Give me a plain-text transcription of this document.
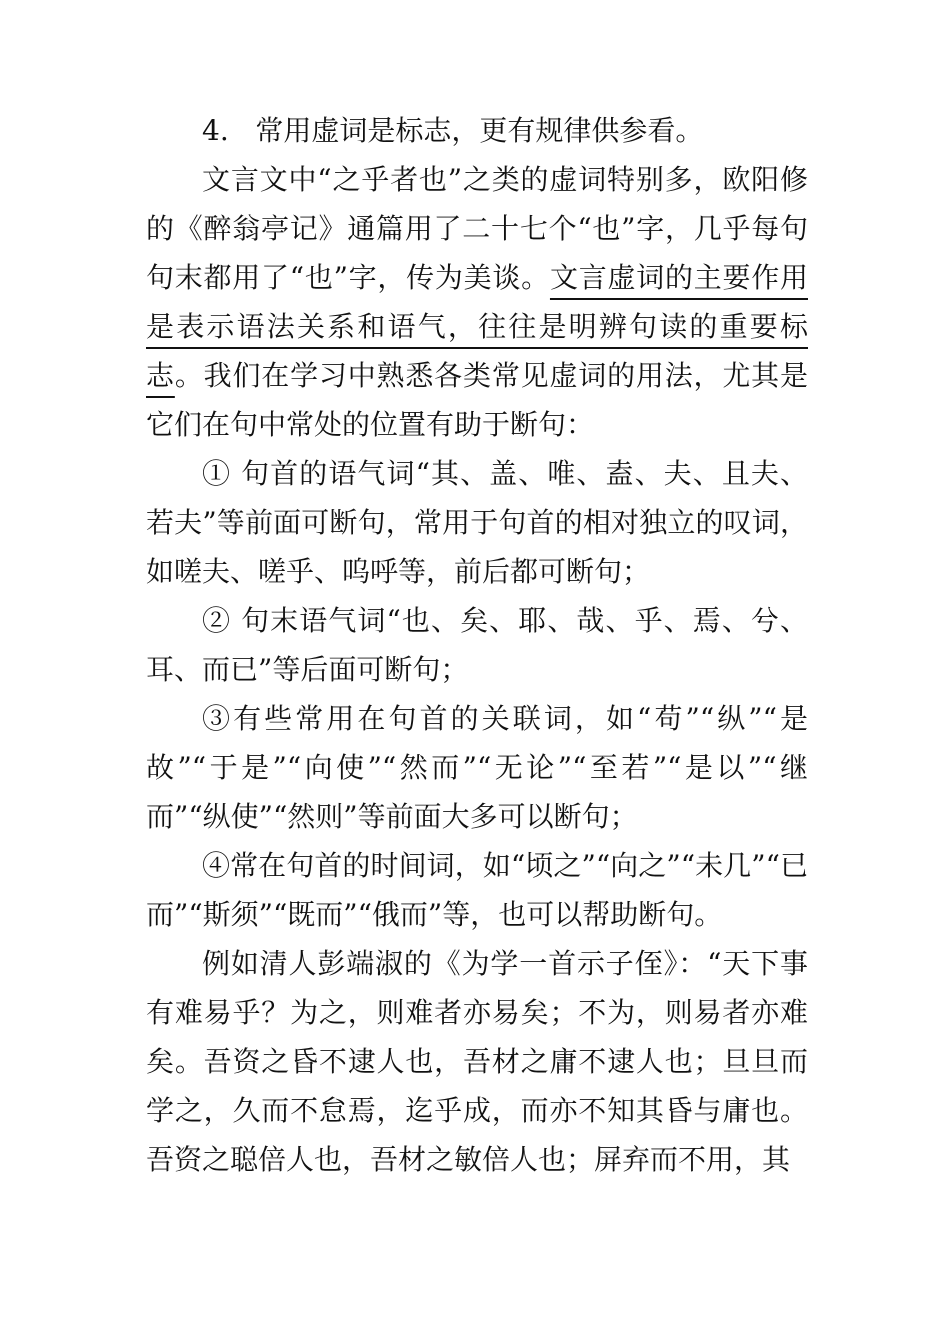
4. 常用虚词是标志，更有规律供参看。

文言文中“之乎者也”之类的虚词特别多，欧阳修的《醉翁亭记》通篇用了二十七个“也”字，几乎每句句末都用了“也”字，传为美谈。文言虚词的主要作用是表示语法关系和语气，往往是明辨句读的重要标志。我们在学习中熟悉各类常见虚词的用法，尤其是它们在句中常处的位置有助于断句：

① 句首的语气词“其、盖、唯、盍、夫、且夫、若夫”等前面可断句，常用于句首的相对独立的叹词，如嗟夫、嗟乎、呜呼等，前后都可断句；

② 句末语气词“也、矣、耶、哉、乎、焉、兮、耳、而已”等后面可断句；

③有些常用在句首的关联词，如“苟”“纵”“是故”“于是”“向使”“然而”“无论”“至若”“是以”“继而”“纵使”“然则”等前面大多可以断句；

④常在句首的时间词，如“顷之”“向之”“未几”“已而”“斯须”“既而”“俄而”等，也可以帮助断句。

例如清人彭端淑的《为学一首示子侄》：“天下事有难易乎？为之，则难者亦易矣；不为，则易者亦难矣。吾资之昏不逮人也，吾材之庸不逮人也；旦旦而学之，久而不怠焉，迄乎成，而亦不知其昏与庸也。吾资之聪倍人也，吾材之敏倍人也；屏弃而不用，其
